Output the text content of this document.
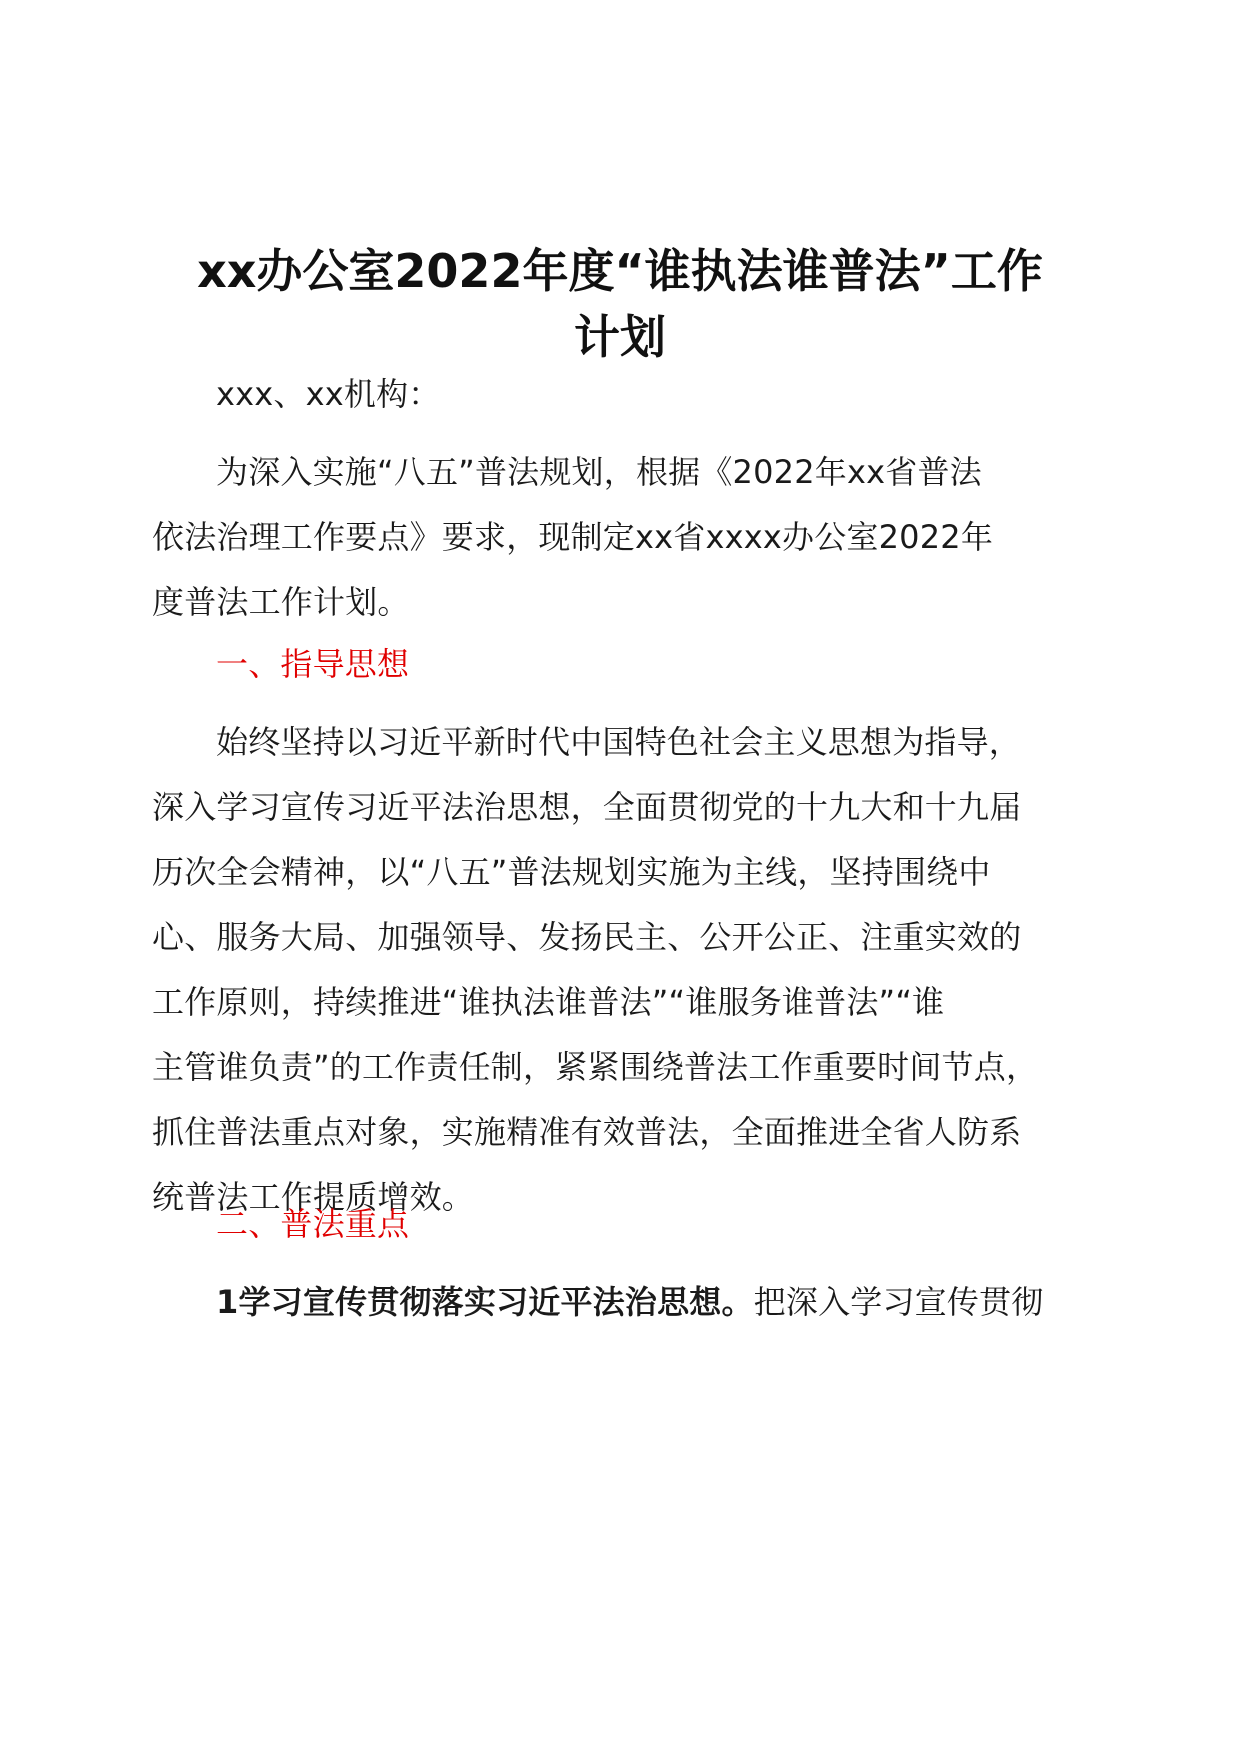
xx办公室2022年度“谁执法谁普法”工作
计划

xxx、xx机构：

为深入实施“八五”普法规划，根据《2022年xx省普法
依法治理工作要点》要求，现制定xx省xxxx办公室2022年
度普法工作计划。

一、指导思想

始终坚持以习近平新时代中国特色社会主义思想为指导，
深入学习宣传习近平法治思想，全面贯彻党的十九大和十九届
历次全会精神，以“八五”普法规划实施为主线，坚持围绕中
心、服务大局、加强领导、发扬民主、公开公正、注重实效的
工作原则，持续推进“谁执法谁普法”“谁服务谁普法”“谁
主管谁负责”的工作责任制，紧紧围绕普法工作重要时间节点，
抓住普法重点对象，实施精准有效普法，全面推进全省人防系
统普法工作提质增效。

二、普法重点

1学习宣传贯彻落实习近平法治思想。把深入学习宣传贯彻
